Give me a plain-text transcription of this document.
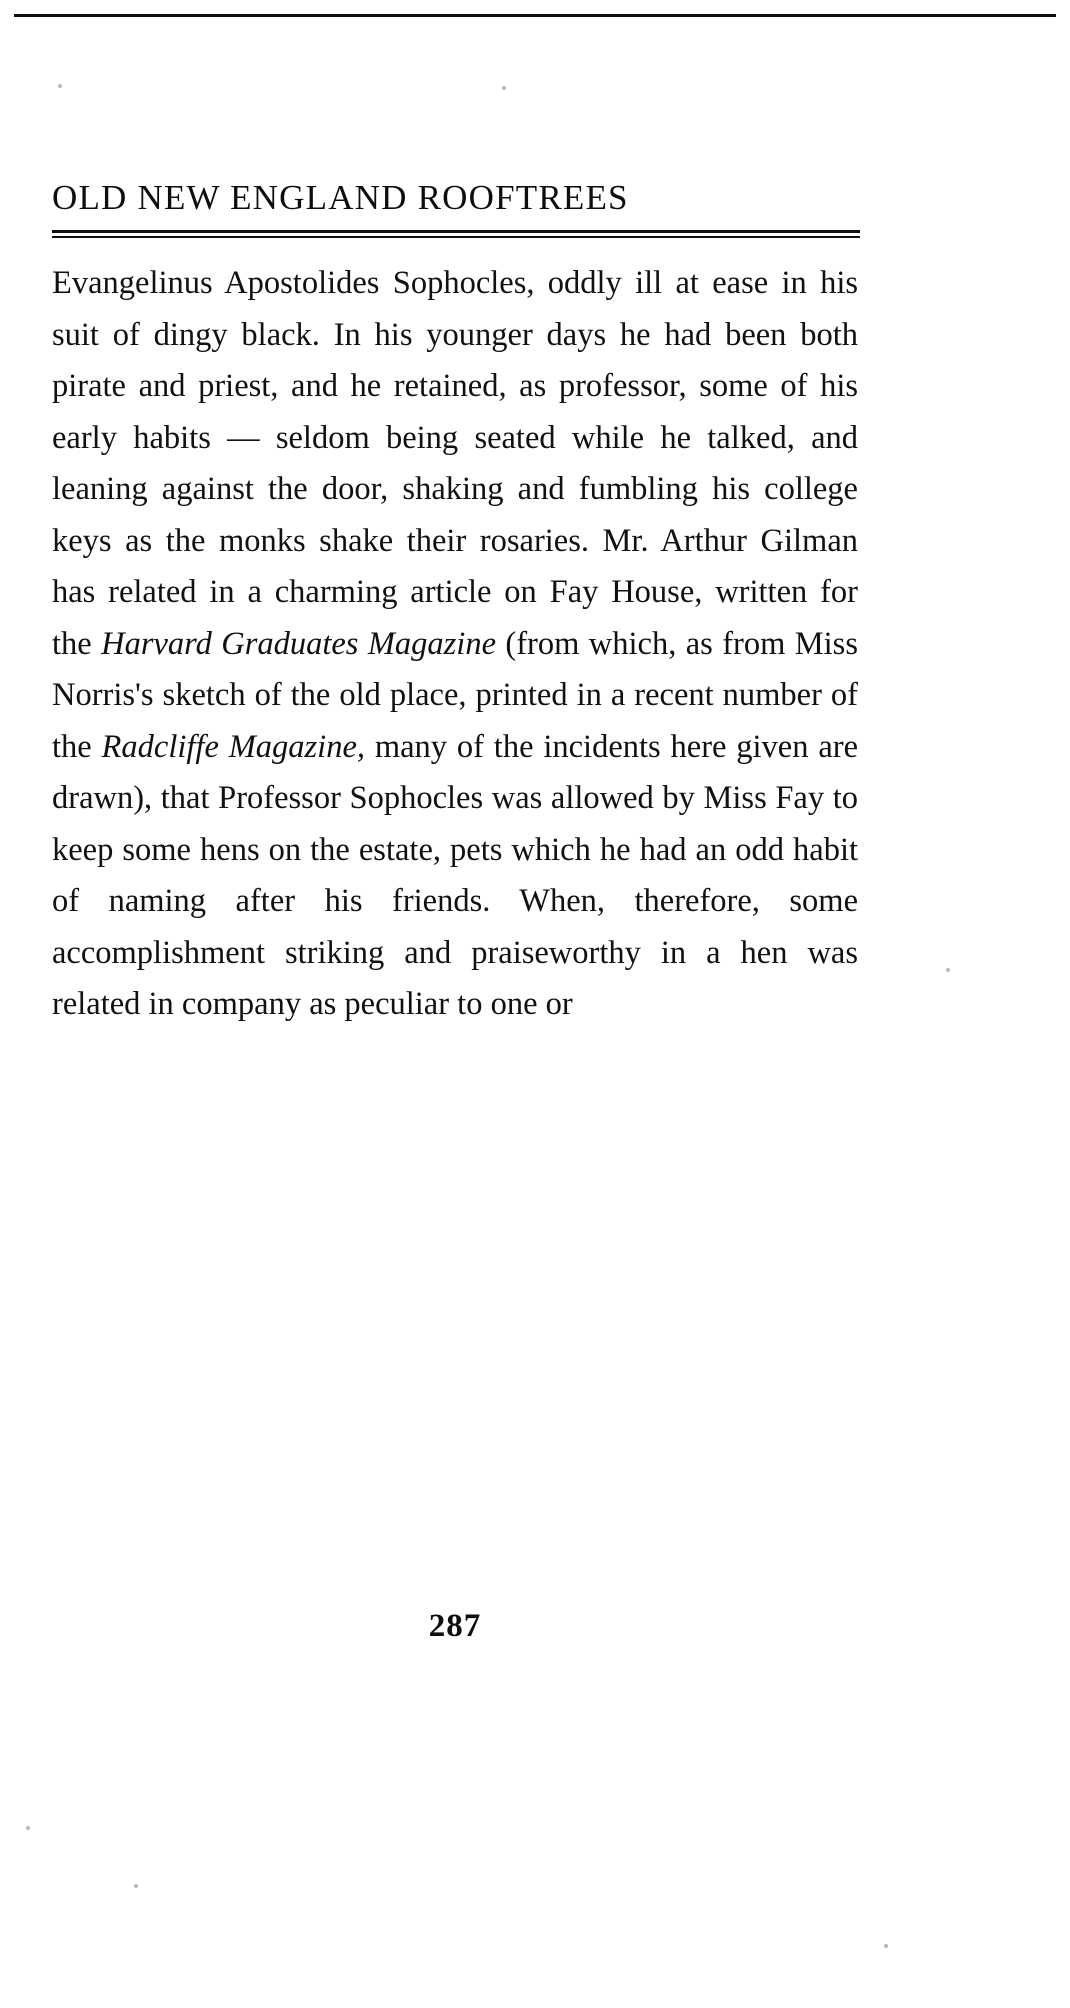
OLD NEW ENGLAND ROOFTREES

Evangelinus Apostolides Sophocles, oddly ill at ease in his suit of dingy black. In his younger days he had been both pirate and priest, and he retained, as professor, some of his early habits — seldom being seated while he talked, and leaning against the door, shaking and fumbling his college keys as the monks shake their rosaries. Mr. Arthur Gilman has related in a charming article on Fay House, written for the Harvard Graduates Magazine (from which, as from Miss Norris's sketch of the old place, printed in a recent number of the Radcliffe Magazine, many of the incidents here given are drawn), that Professor Sophocles was allowed by Miss Fay to keep some hens on the estate, pets which he had an odd habit of naming after his friends. When, therefore, some accomplishment striking and praiseworthy in a hen was related in company as peculiar to one or

287
